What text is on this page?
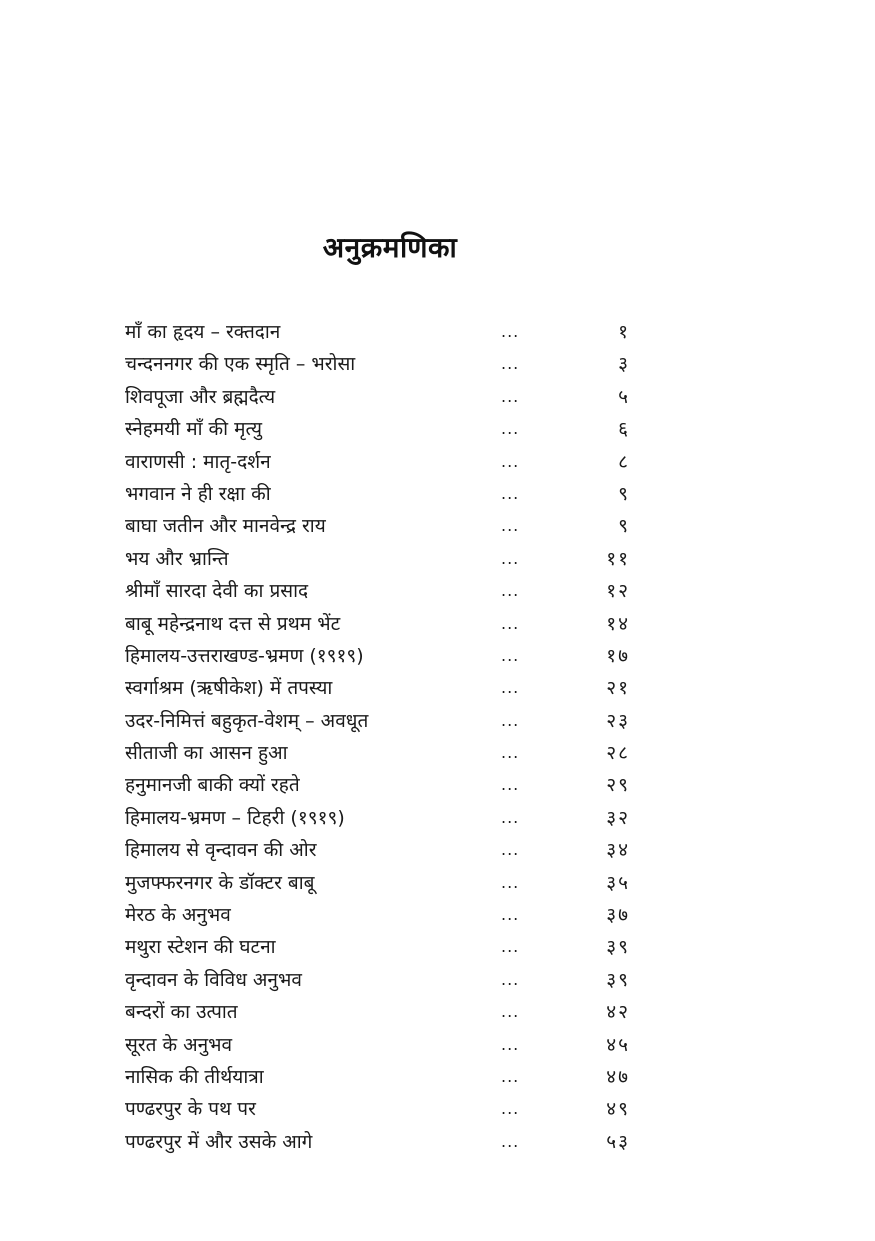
अनुक्रमणिका
माँ का हृदय – रक्तदान	...	१
चन्दननगर की एक स्मृति – भरोसा	...	३
शिवपूजा और ब्रह्मदैत्य	...	५
स्नेहमयी माँ की मृत्यु	...	६
वाराणसी : मातृ-दर्शन	...	८
भगवान ने ही रक्षा की	...	९
बाघा जतीन और मानवेन्द्र राय	...	९
भय और भ्रान्ति	...	११
श्रीमाँ सारदा देवी का प्रसाद	...	१२
बाबू महेन्द्रनाथ दत्त से प्रथम भेंट	...	१४
हिमालय-उत्तराखण्ड-भ्रमण (१९१९)	...	१७
स्वर्गाश्रम (ऋषीकेश) में तपस्या	...	२१
उदर-निमित्तं बहुकृत-वेशम् – अवधूत	...	२३
सीताजी का आसन हुआ	...	२८
हनुमानजी बाकी क्यों रहते	...	२९
हिमालय-भ्रमण – टिहरी (१९१९)	...	३२
हिमालय से वृन्दावन की ओर	...	३४
मुजफ्फरनगर के डॉक्टर बाबू	...	३५
मेरठ के अनुभव	...	३७
मथुरा स्टेशन की घटना	...	३९
वृन्दावन के विविध अनुभव	...	३९
बन्दरों का उत्पात	...	४२
सूरत के अनुभव	...	४५
नासिक की तीर्थयात्रा	...	४७
पण्ढरपुर के पथ पर	...	४९
पण्ढरपुर में और उसके आगे	...	५३
